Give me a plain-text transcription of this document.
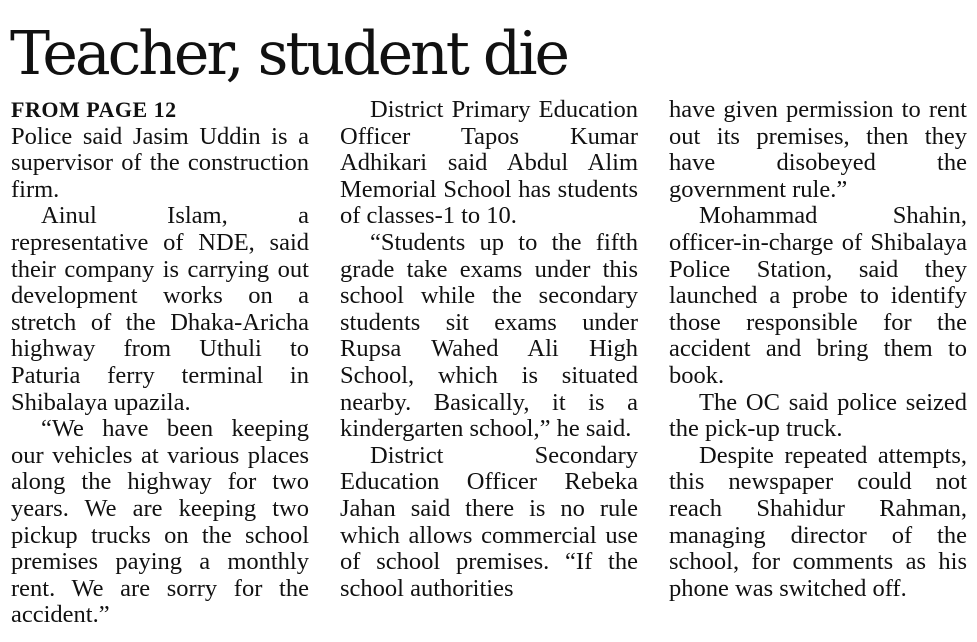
Teacher, student die
FROM PAGE 12

Police said Jasim Uddin is a supervisor of the construction firm.

Ainul Islam, a representative of NDE, said their company is carrying out development works on a stretch of the Dhaka-Aricha highway from Uthuli to Paturia ferry terminal in Shibalaya upazila.

“We have been keeping our vehicles at various places along the highway for two years. We are keeping two pickup trucks on the school premises paying a monthly rent. We are sorry for the accident.”

District Primary Education Officer Tapos Kumar Adhikari said Abdul Alim Memorial School has students of classes-1 to 10.

“Students up to the fifth grade take exams under this school while the secondary students sit exams under Rupsa Wahed Ali High School, which is situated nearby. Basically, it is a kindergarten school,” he said.

District Secondary Education Officer Rebeka Jahan said there is no rule which allows commercial use of school premises. “If the school authorities

have given permission to rent out its premises, then they have disobeyed the government rule.”

Mohammad Shahin, officer-in-charge of Shibalaya Police Station, said they launched a probe to identify those responsible for the accident and bring them to book.

The OC said police seized the pick-up truck.

Despite repeated attempts, this newspaper could not reach Shahidur Rahman, managing director of the school, for comments as his phone was switched off.
